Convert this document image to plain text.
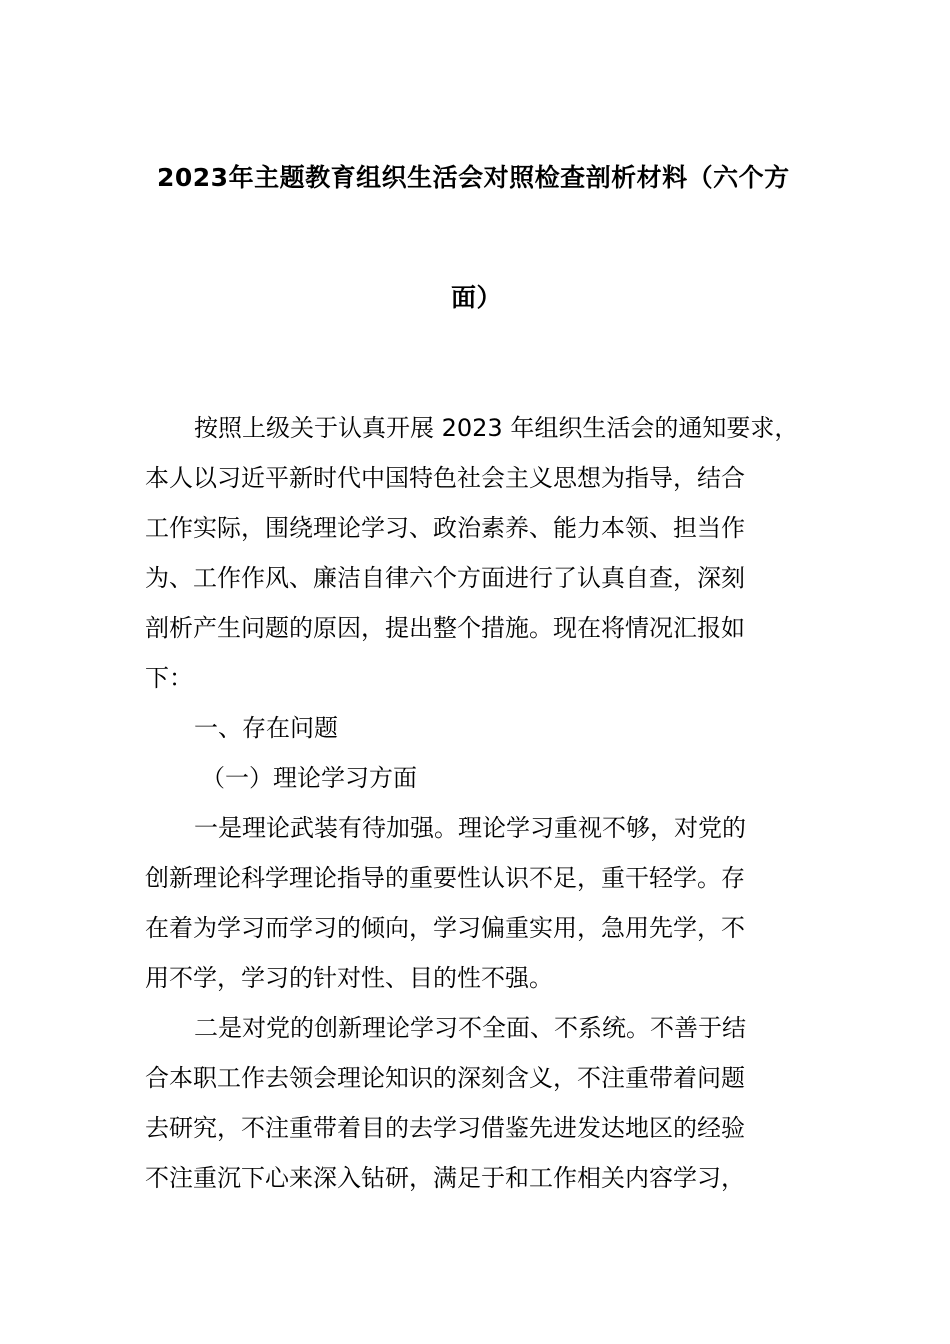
2023年主题教育组织生活会对照检查剖析材料（六个方
面）
按照上级关于认真开展 2023 年组织生活会的通知要求，
本人以习近平新时代中国特色社会主义思想为指导，结合
工作实际，围绕理论学习、政治素养、能力本领、担当作
为、工作作风、廉洁自律六个方面进行了认真自查，深刻
剖析产生问题的原因，提出整个措施。现在将情况汇报如
下：
一、存在问题
（一）理论学习方面
一是理论武装有待加强。理论学习重视不够，对党的
创新理论科学理论指导的重要性认识不足，重干轻学。存
在着为学习而学习的倾向，学习偏重实用，急用先学，不
用不学，学习的针对性、目的性不强。
二是对党的创新理论学习不全面、不系统。不善于结
合本职工作去领会理论知识的深刻含义，不注重带着问题
去研究，不注重带着目的去学习借鉴先进发达地区的经验
不注重沉下心来深入钻研，满足于和工作相关内容学习，
